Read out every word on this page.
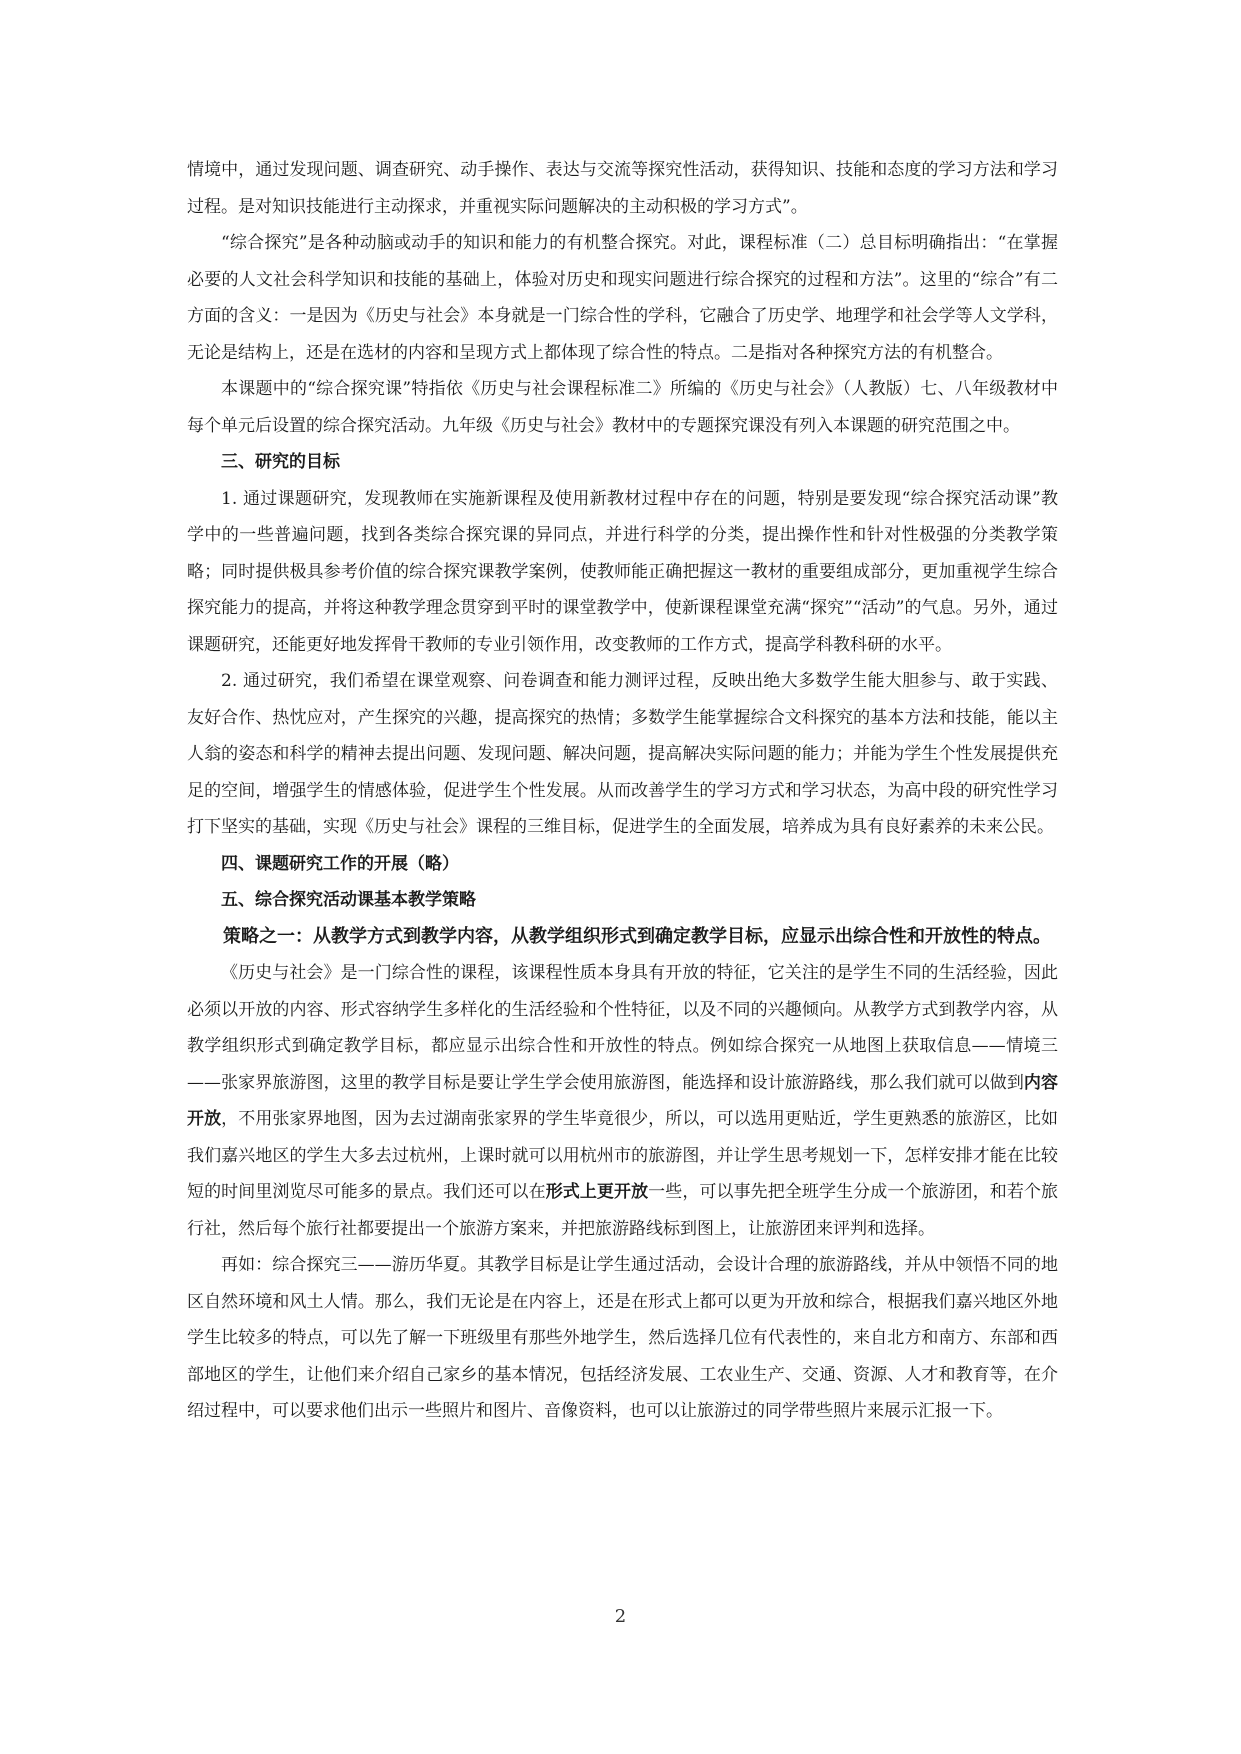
情境中，通过发现问题、调查研究、动手操作、表达与交流等探究性活动，获得知识、技能和态度的学习方法和学习过程。是对知识技能进行主动探求，并重视实际问题解决的主动积极的学习方式”。

“综合探究”是各种动脑或动手的知识和能力的有机整合探究。对此，课程标准（二）总目标明确指出：“在掌握必要的人文社会科学知识和技能的基础上，体验对历史和现实问题进行综合探究的过程和方法”。这里的“综合”有二方面的含义：一是因为《历史与社会》本身就是一门综合性的学科，它融合了历史学、地理学和社会学等人文学科，无论是结构上，还是在选材的内容和呈现方式上都体现了综合性的特点。二是指对各种探究方法的有机整合。

本课题中的“综合探究课”特指依《历史与社会课程标准二》所编的《历史与社会》（人教版）七、八年级教材中每个单元后设置的综合探究活动。九年级《历史与社会》教材中的专题探究课没有列入本课题的研究范围之中。

三、研究的目标

1. 通过课题研究，发现教师在实施新课程及使用新教材过程中存在的问题，特别是要发现“综合探究活动课”教学中的一些普遍问题，找到各类综合探究课的异同点，并进行科学的分类，提出操作性和针对性极强的分类教学策略；同时提供极具参考价值的综合探究课教学案例，使教师能正确把握这一教材的重要组成部分，更加重视学生综合探究能力的提高，并将这种教学理念贯穿到平时的课堂教学中，使新课程课堂充满“探究”“活动”的气息。另外，通过课题研究，还能更好地发挥骨干教师的专业引领作用，改变教师的工作方式，提高学科教科研的水平。

2. 通过研究，我们希望在课堂观察、问卷调查和能力测评过程，反映出绝大多数学生能大胆参与、敢于实践、友好合作、热忱应对，产生探究的兴趣，提高探究的热情；多数学生能掌握综合文科探究的基本方法和技能，能以主人翁的姿态和科学的精神去提出问题、发现问题、解决问题，提高解决实际问题的能力；并能为学生个性发展提供充足的空间，增强学生的情感体验，促进学生个性发展。从而改善学生的学习方式和学习状态，为高中段的研究性学习打下坚实的基础，实现《历史与社会》课程的三维目标，促进学生的全面发展，培养成为具有良好素养的未来公民。

四、课题研究工作的开展（略）

五、综合探究活动课基本教学策略

策略之一：从教学方式到教学内容，从教学组织形式到确定教学目标，应显示出综合性和开放性的特点。

《历史与社会》是一门综合性的课程，该课程性质本身具有开放的特征，它关注的是学生不同的生活经验，因此必须以开放的内容、形式容纳学生多样化的生活经验和个性特征，以及不同的兴趣倾向。从教学方式到教学内容，从教学组织形式到确定教学目标，都应显示出综合性和开放性的特点。例如综合探究一从地图上获取信息——情境三——张家界旅游图，这里的教学目标是要让学生学会使用旅游图，能选择和设计旅游路线，那么我们就可以做到内容开放，不用张家界地图，因为去过湖南张家界的学生毕竟很少，所以，可以选用更贴近，学生更熟悉的旅游区，比如我们嘉兴地区的学生大多去过杭州，上课时就可以用杭州市的旅游图，并让学生思考规划一下，怎样安排才能在比较短的时间里浏览尽可能多的景点。我们还可以在形式上更开放一些，可以事先把全班学生分成一个旅游团，和若个旅行社，然后每个旅行社都要提出一个旅游方案来，并把旅游路线标到图上，让旅游团来评判和选择。

再如：综合探究三——游历华夏。其教学目标是让学生通过活动，会设计合理的旅游路线，并从中领悟不同的地区自然环境和风土人情。那么，我们无论是在内容上，还是在形式上都可以更为开放和综合，根据我们嘉兴地区外地学生比较多的特点，可以先了解一下班级里有那些外地学生，然后选择几位有代表性的，来自北方和南方、东部和西部地区的学生，让他们来介绍自己家乡的基本情况，包括经济发展、工农业生产、交通、资源、人才和教育等，在介绍过程中，可以要求他们出示一些照片和图片、音像资料，也可以让旅游过的同学带些照片来展示汇报一下。

2
